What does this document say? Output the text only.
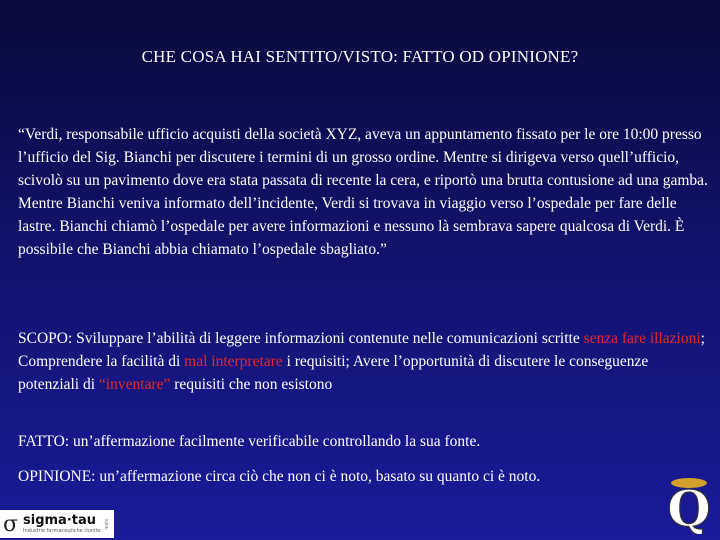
CHE COSA HAI SENTITO/VISTO: FATTO OD OPINIONE?
“Verdi, responsabile ufficio acquisti della società XYZ, aveva un appuntamento fissato per le ore 10:00 presso l’ufficio del Sig. Bianchi per discutere i termini di un grosso ordine. Mentre si dirigeva verso quell’ufficio, scivolò su un pavimento dove era stata passata di recente la cera, e riportò una brutta contusione ad una gamba. Mentre Bianchi veniva informato dell’incidente, Verdi si trovava in viaggio verso l’ospedale per fare delle lastre. Bianchi chiamò l’ospedale per avere informazioni e nessuno là sembrava sapere qualcosa di Verdi. È possibile che Bianchi abbia chiamato l’ospedale sbagliato.”
SCOPO: Sviluppare l’abilità di leggere informazioni contenute nelle comunicazioni scritte senza fare illazioni; Comprendere la facilità di mal interpretare i requisiti; Avere l’opportunità di discutere le conseguenze potenziali di “inventare” requisiti che non esistono
FATTO: un’affermazione facilmente verificabile controllando la sua fonte.
OPINIONE: un’affermazione circa ciò che non ci è noto, basato su quanto ci è noto.
σ sigma·tau
Industrie farmaceutiche riunite
s.p.a.	Q
